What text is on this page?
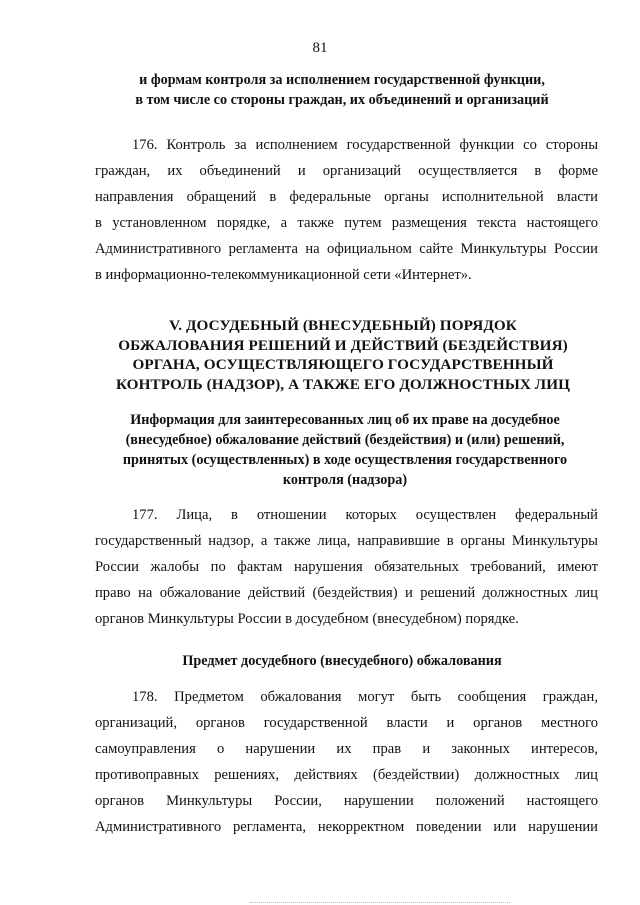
81
и формам контроля за исполнением государственной функции,
в том числе со стороны граждан, их объединений и организаций
176. Контроль за исполнением государственной функции со стороны
граждан, их объединений и организаций осуществляется в форме
направления обращений в федеральные органы исполнительной власти
в установленном порядке, а также путем размещения текста настоящего
Административного регламента на официальном сайте Минкультуры России
в информационно-телекоммуникационной сети «Интернет».
V. ДОСУДЕБНЫЙ (ВНЕСУДЕБНЫЙ) ПОРЯДОК
ОБЖАЛОВАНИЯ РЕШЕНИЙ И ДЕЙСТВИЙ (БЕЗДЕЙСТВИЯ)
ОРГАНА, ОСУЩЕСТВЛЯЮЩЕГО ГОСУДАРСТВЕННЫЙ
КОНТРОЛЬ (НАДЗОР), А ТАКЖЕ ЕГО ДОЛЖНОСТНЫХ ЛИЦ
Информация для заинтересованных лиц об их праве на досудебное
(внесудебное) обжалование действий (бездействия) и (или) решений,
принятых (осуществленных) в ходе осуществления государственного
контроля (надзора)
177. Лица, в отношении которых осуществлен федеральный
государственный надзор, а также лица, направившие в органы Минкультуры
России жалобы по фактам нарушения обязательных требований, имеют
право на обжалование действий (бездействия) и решений должностных лиц
органов Минкультуры России в досудебном (внесудебном) порядке.
Предмет досудебного (внесудебного) обжалования
178. Предметом обжалования могут быть сообщения граждан,
организаций, органов государственной власти и органов местного
самоуправления о нарушении их прав и законных интересов,
противоправных решениях, действиях (бездействии) должностных лиц
органов Минкультуры России, нарушении положений настоящего
Административного регламента, некорректном поведении или нарушении
